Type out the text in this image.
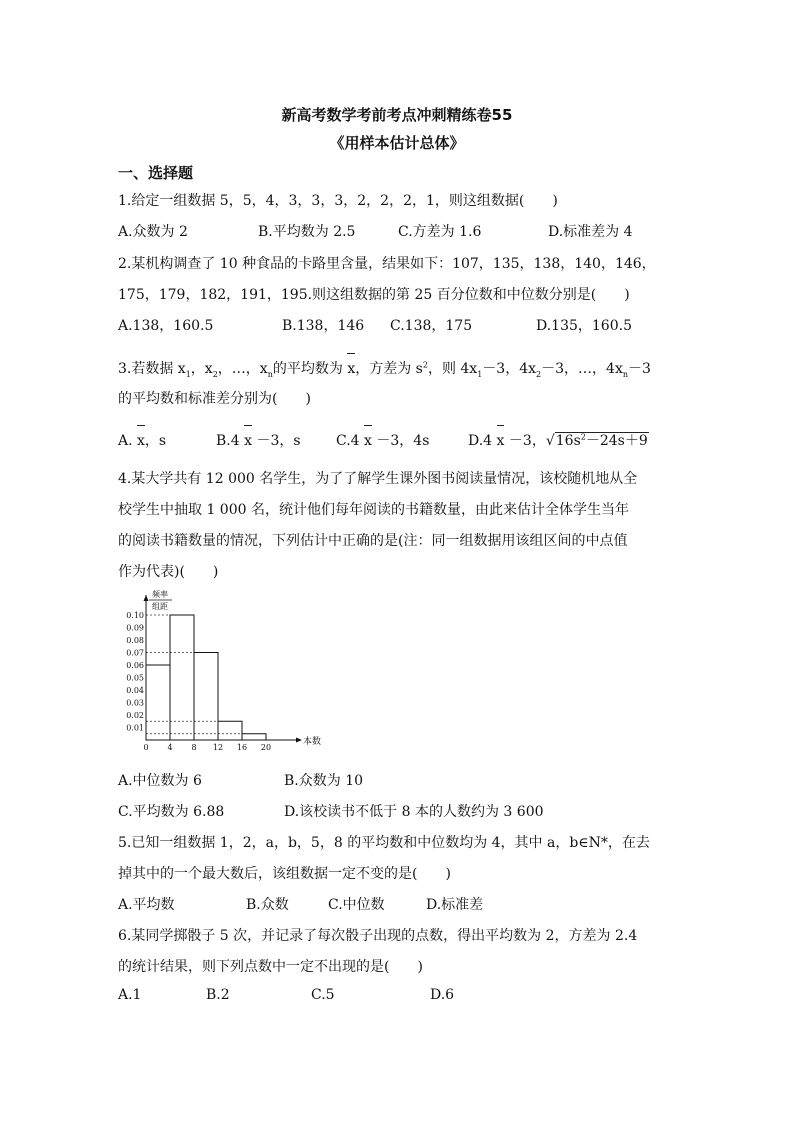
新高考数学考前考点冲刺精练卷55
《用样本估计总体》
一、选择题
1.给定一组数据 5，5，4，3，3，3，2，2，2，1，则这组数据(　　)
A.众数为 2	B.平均数为 2.5	C.方差为 1.6	D.标准差为 4
2.某机构调查了 10 种食品的卡路里含量，结果如下：107，135，138，140，146，
175，179，182，191，195.则这组数据的第 25 百分位数和中位数分别是(　　)
A.138，160.5	B.138，146 C.138，175	D.135，160.5
3.若数据 $x_1$，$x_2$，…，$x_n$的平均数为 x，方差为 $s^2$，则 $4x_1-3$，$4x_2-3$，…，$4x_n-3$
的平均数和标准差分别为(　　)
A. x，s	B.4 x －3，s	C.4 x －3，4s	D.4 x －3，$√16s^2-24s+9$
4.某大学共有 12 000 名学生，为了了解学生课外图书阅读量情况，该校随机地从全
校学生中抽取 1 000 名，统计他们每年阅读的书籍数量，由此来估计全体学生当年
的阅读书籍数量的情况，下列估计中正确的是(注：同一组数据用该组区间的中点值
作为代表)(　　)
0.01
0.02
0.03
0.04
0.05
0.06
0.07
0.08
0.09
0.10
0 4 8 12 16 20
本数
频率
组距
A.中位数为 6	B.众数为 10
C.平均数为 6.88	D.该校读书不低于 8 本的人数约为 3 600
5.已知一组数据 1，2，a，b，5，8 的平均数和中位数均为 4，其中 a，b∈N*，在去
掉其中的一个最大数后，该组数据一定不变的是(　　)
A.平均数	B.众数	C.中位数	D.标准差
6.某同学掷骰子 5 次，并记录了每次骰子出现的点数，得出平均数为 2，方差为 2.4
的统计结果，则下列点数中一定不出现的是(　　)
A.1	B.2	C.5	D.6
